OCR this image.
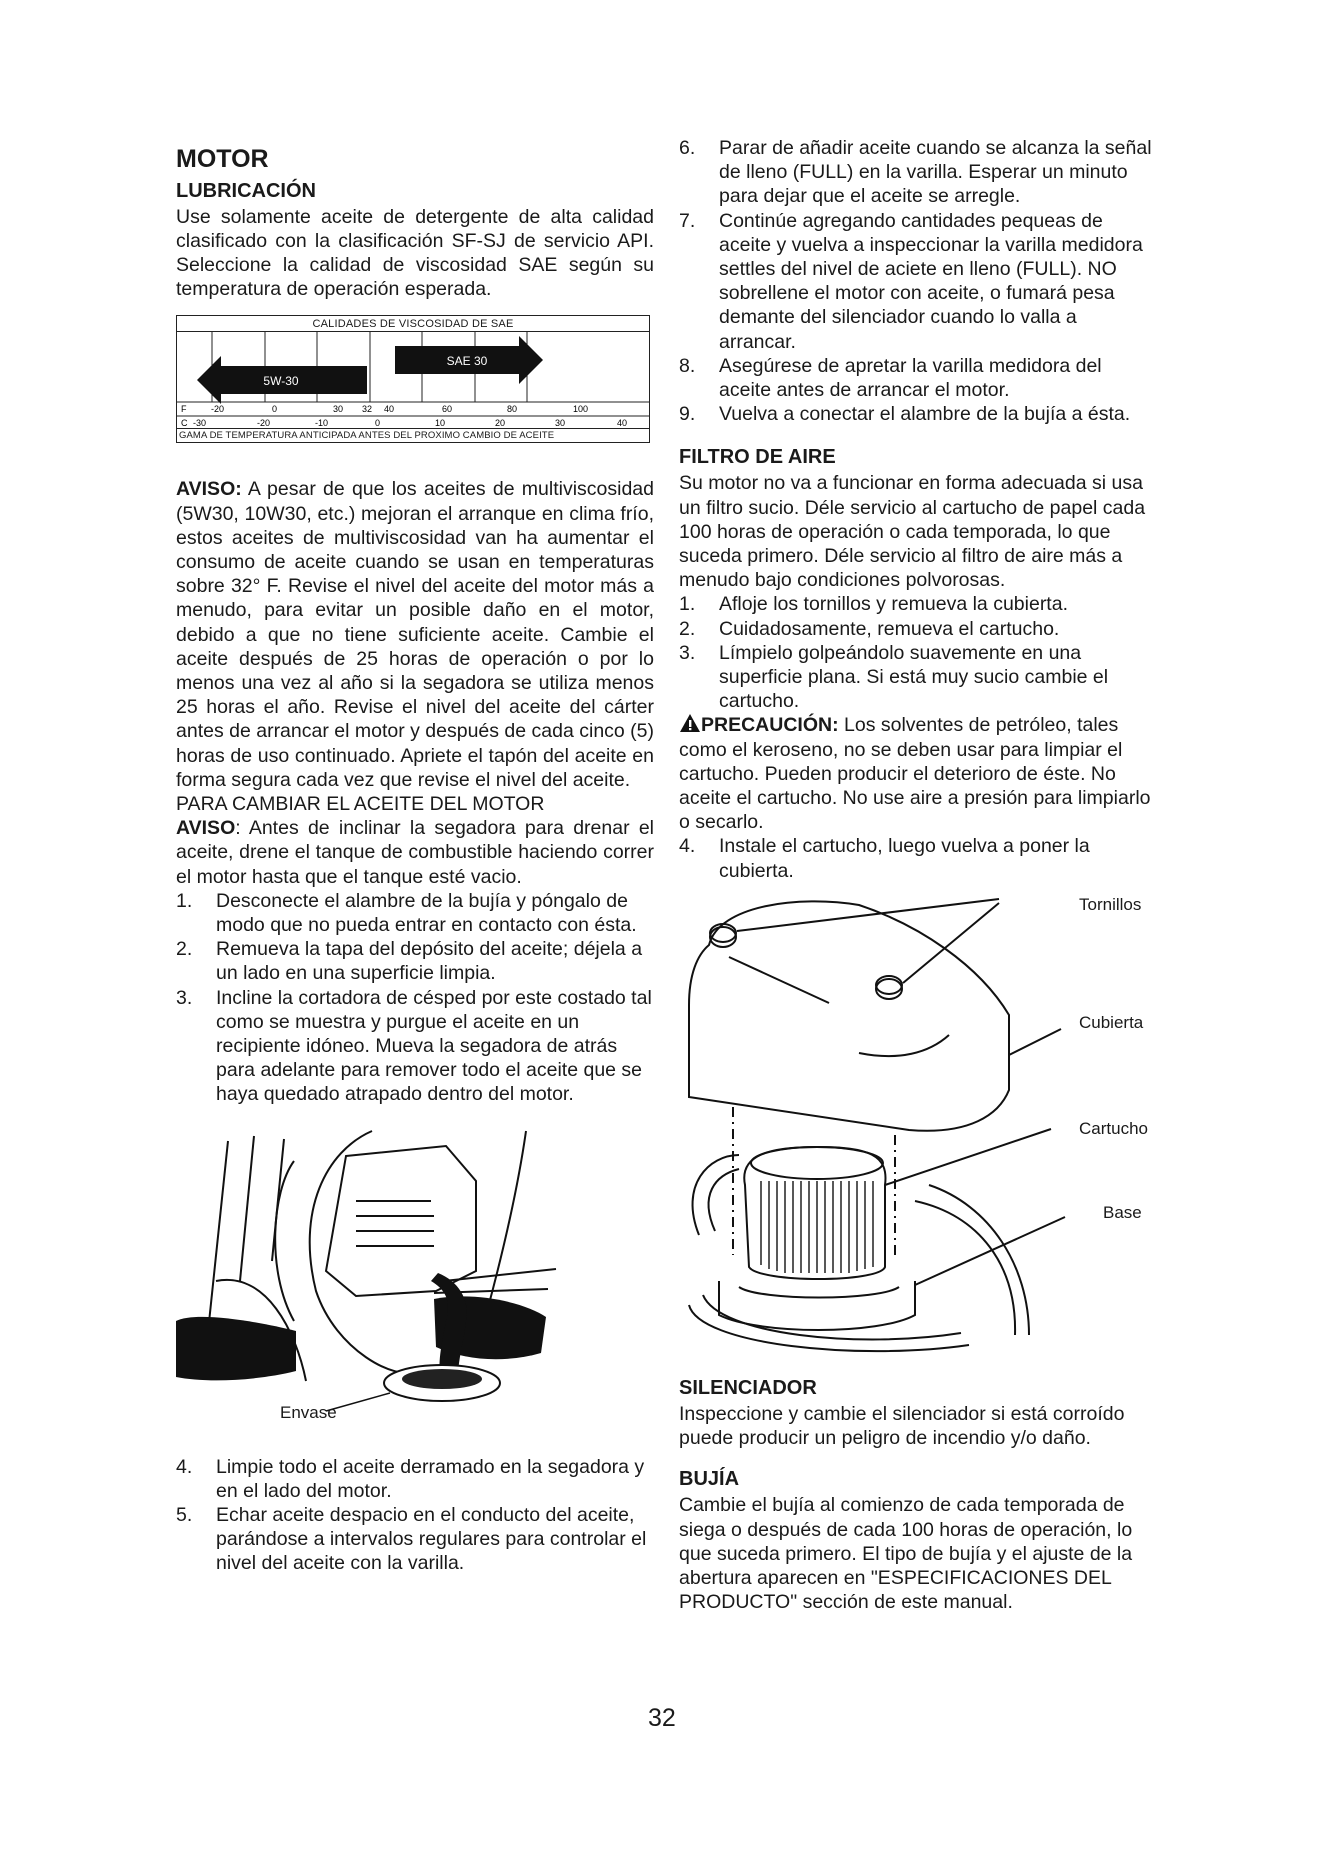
MOTOR
LUBRICACIÓN

Use solamente aceite de detergente de alta calidad clasificado con la clasificación SF-SJ de servicio API. Seleccione la calidad de viscosidad SAE según su temperatura de operación esperada.

CALIDADES DE VISCOSIDAD DE SAE
SAE 30
5W-30
F	-20	0	30 32 40	60	80	100
C -30	-20	-10	0	10	20	30	40
GAMA DE TEMPERATURA ANTICIPADA ANTES DEL PROXIMO CAMBIO DE ACEITE

AVISO: A pesar de que los aceites de multiviscosidad (5W30, 10W30, etc.) mejoran el arranque en clima frío, estos aceites de multiviscosidad van ha aumentar el consumo de aceite cuando se usan en temperaturas sobre 32° F. Revise el nivel del aceite del motor más a menudo, para evitar un posible daño en el motor, debido a que no tiene suficiente aceite. Cambie el aceite después de 25 horas de operación o por lo menos una vez al año si la segadora se utiliza menos 25 horas el año. Revise el nivel del aceite del cárter antes de arrancar el motor y después de cada cinco (5) horas de uso continuado. Apriete el tapón del aceite en forma segura cada vez que revise el nivel del aceite.

PARA CAMBIAR EL ACEITE DEL MOTOR

AVISO: Antes de inclinar la segadora para drenar el aceite, drene el tanque de combustible haciendo correr el motor hasta que el tanque esté vacio.

1. Desconecte el alambre de la bujía y póngalo de modo que no pueda entrar en contacto con ésta.
2. Remueva la tapa del depósito del aceite; déjela a un lado en una superficie limpia.
3. Incline la cortadora de césped por este costado tal como se muestra y purgue el aceite en un recipiente idóneo. Mueva la segadora de atrás para adelante para remover todo el aceite que se haya quedado atrapado dentro del motor.
Envase
4. Limpie todo el aceite derramado en la segadora y en el lado del motor.
5. Echar aceite despacio en el conducto del aceite, parándose a intervalos regulares para controlar el nivel del aceite con la varilla.
6. Parar de añadir aceite cuando se alcanza la señal de lleno (FULL) en la varilla. Esperar un minuto para dejar que el aceite se arregle.
7. Continúe agregando cantidades pequeas de aceite y vuelva a inspeccionar la varilla medidora settles del nivel de aciete en lleno (FULL). NO sobrellene el motor con aceite, o fumará pesa demante del silenciador cuando lo valla a arrancar.
8. Asegúrese de apretar la varilla medidora del aceite antes de arrancar el motor.
9. Vuelva a conectar el alambre de la bujía a ésta.
FILTRO DE AIRE

Su motor no va a funcionar en forma adecuada si usa un filtro sucio. Déle servicio al cartucho de papel cada 100 horas de operación o cada temporada, lo que suceda primero. Déle servicio al filtro de aire más a menudo bajo condiciones polvorosas.

1. Afloje los tornillos y remueva la cubierta.
2. Cuidadosamente, remueva el cartucho.
3. Límpielo golpeándolo suavemente en una superficie plana. Si está muy sucio cambie el cartucho.

PRECAUCIÓN: Los solventes de petróleo, tales como el keroseno, no se deben usar para limpiar el cartucho. Pueden producir el deterioro de éste. No aceite el cartucho. No use aire a presión para limpiarlo o secarlo.

4. Instale el cartucho, luego vuelva a poner la cubierta.
Tornillos
Cubierta
Cartucho
Base
SILENCIADOR

Inspeccione y cambie el silenciador si está corroído puede producir un peligro de incendio y/o daño.

BUJÍA

Cambie el bujía al comienzo de cada temporada de siega o después de cada 100 horas de operación, lo que suceda primero. El tipo de bujía y el ajuste de la abertura aparecen en "ESPECIFICACIONES DEL PRODUCTO" sección de este manual.

32
